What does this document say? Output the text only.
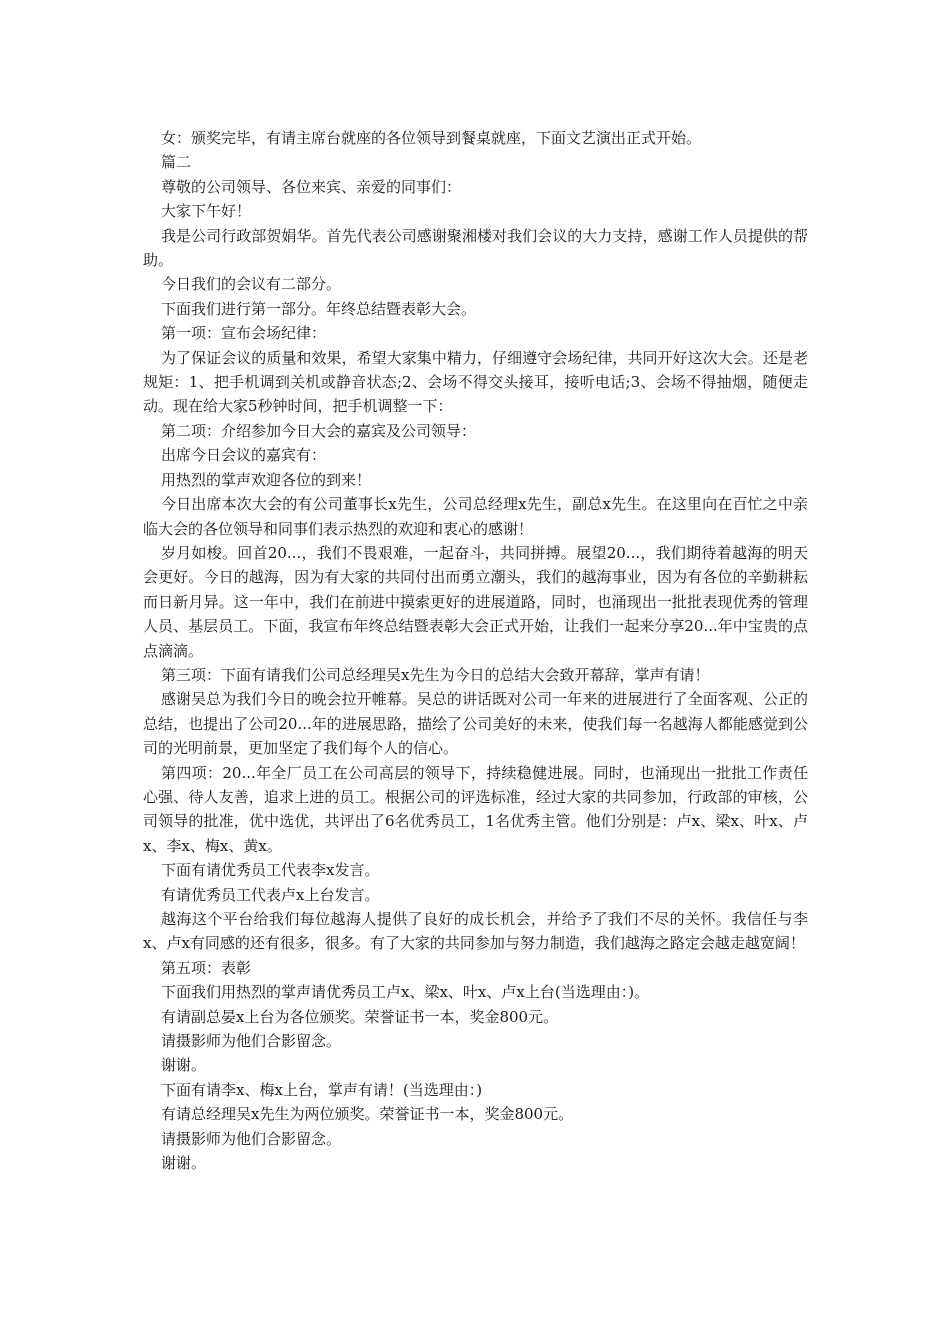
女：颁奖完毕，有请主席台就座的各位领导到餐桌就座，下面文艺演出正式开始。

篇二

尊敬的公司领导、各位来宾、亲爱的同事们：

大家下午好！

我是公司行政部贺娟华。首先代表公司感谢聚湘楼对我们会议的大力支持，感谢工作人员提供的帮助。

今日我们的会议有二部分。

下面我们进行第一部分。年终总结暨表彰大会。

第一项：宣布会场纪律：

为了保证会议的质量和效果，希望大家集中精力，仔细遵守会场纪律，共同开好这次大会。还是老规矩：1、把手机调到关机或静音状态;2、会场不得交头接耳，接听电话;3、会场不得抽烟，随便走动。现在给大家5秒钟时间，把手机调整一下：

第二项：介绍参加今日大会的嘉宾及公司领导：

出席今日会议的嘉宾有：

用热烈的掌声欢迎各位的到来！

今日出席本次大会的有公司董事长x先生，公司总经理x先生，副总x先生。在这里向在百忙之中亲临大会的各位领导和同事们表示热烈的欢迎和衷心的感谢！

岁月如梭。回首20...，我们不畏艰难，一起奋斗，共同拼搏。展望20...，我们期待着越海的明天会更好。今日的越海，因为有大家的共同付出而勇立潮头，我们的越海事业，因为有各位的辛勤耕耘而日新月异。这一年中，我们在前进中摸索更好的进展道路，同时，也涌现出一批批表现优秀的管理人员、基层员工。下面，我宣布年终总结暨表彰大会正式开始，让我们一起来分享20...年中宝贵的点点滴滴。

第三项：下面有请我们公司总经理吴x先生为今日的总结大会致开幕辞，掌声有请！

感谢吴总为我们今日的晚会拉开帷幕。吴总的讲话既对公司一年来的进展进行了全面客观、公正的总结，也提出了公司20...年的进展思路，描绘了公司美好的未来，使我们每一名越海人都能感觉到公司的光明前景，更加坚定了我们每个人的信心。

第四项：20...年全厂员工在公司高层的领导下，持续稳健进展。同时，也涌现出一批批工作责任心强、待人友善，追求上进的员工。根据公司的评选标准，经过大家的共同参加，行政部的审核，公司领导的批准，优中选优，共评出了6名优秀员工，1名优秀主管。他们分别是：卢x、梁x、叶x、卢x、李x、梅x、黄x。

下面有请优秀员工代表李x发言。

有请优秀员工代表卢x上台发言。

越海这个平台给我们每位越海人提供了良好的成长机会，并给予了我们不尽的关怀。我信任与李x、卢x有同感的还有很多，很多。有了大家的共同参加与努力制造，我们越海之路定会越走越宽阔！

第五项：表彰

下面我们用热烈的掌声请优秀员工卢x、梁x、叶x、卢x上台(当选理由：)。

有请副总晏x上台为各位颁奖。荣誉证书一本，奖金800元。

请摄影师为他们合影留念。

谢谢。

下面有请李x、梅x上台，掌声有请！(当选理由：)

有请总经理吴x先生为两位颁奖。荣誉证书一本，奖金800元。

请摄影师为他们合影留念。

谢谢。
